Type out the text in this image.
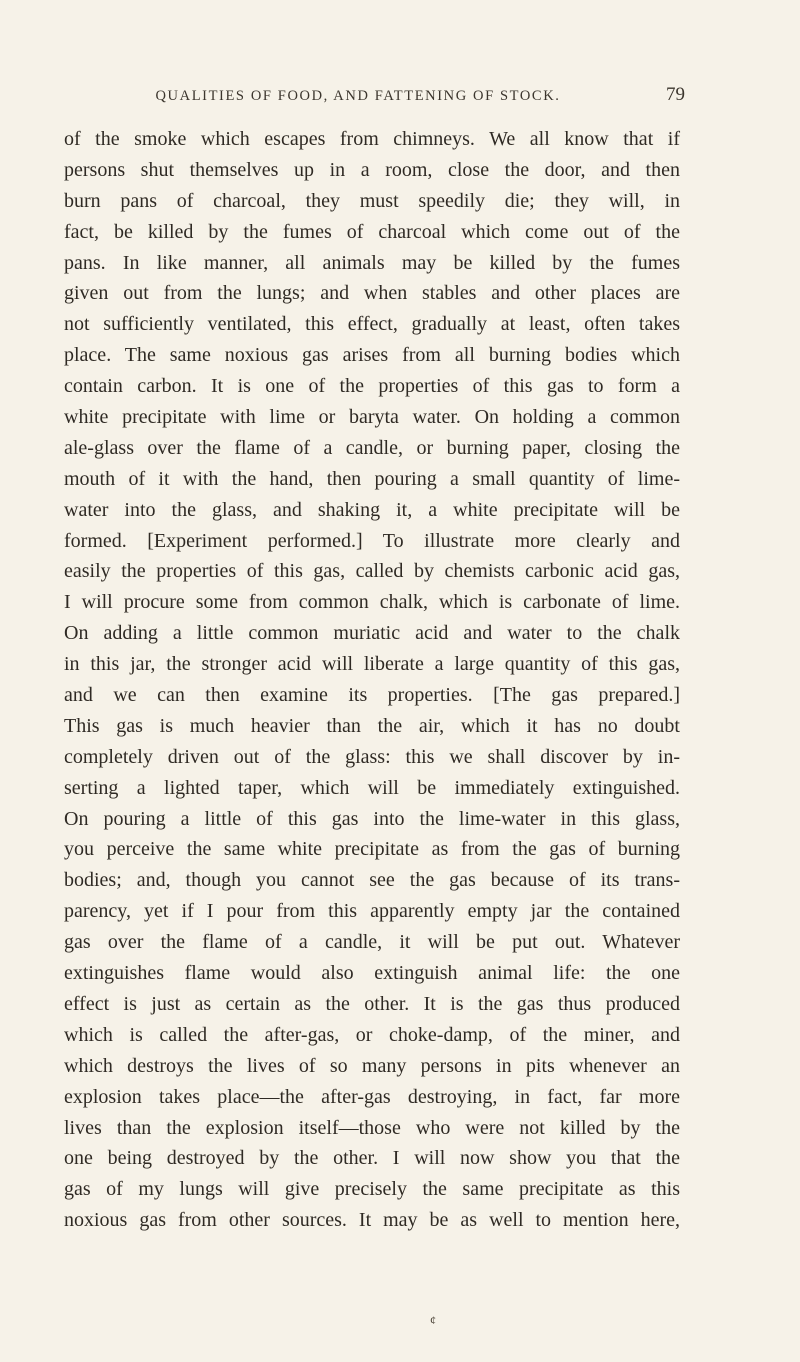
QUALITIES OF FOOD, AND FATTENING OF STOCK.	79
of the smoke which escapes from chimneys. We all know that if
persons shut themselves up in a room, close the door, and then
burn pans of charcoal, they must speedily die; they will, in
fact, be killed by the fumes of charcoal which come out of the
pans. In like manner, all animals may be killed by the fumes
given out from the lungs; and when stables and other places are
not sufficiently ventilated, this effect, gradually at least, often takes
place. The same noxious gas arises from all burning bodies which
contain carbon. It is one of the properties of this gas to form a
white precipitate with lime or baryta water. On holding a common
ale-glass over the flame of a candle, or burning paper, closing the
mouth of it with the hand, then pouring a small quantity of lime-
water into the glass, and shaking it, a white precipitate will be
formed. [Experiment performed.] To illustrate more clearly and
easily the properties of this gas, called by chemists carbonic acid gas,
I will procure some from common chalk, which is carbonate of lime.
On adding a little common muriatic acid and water to the chalk
in this jar, the stronger acid will liberate a large quantity of this gas,
and we can then examine its properties. [The gas prepared.]
This gas is much heavier than the air, which it has no doubt
completely driven out of the glass: this we shall discover by in-
serting a lighted taper, which will be immediately extinguished.
On pouring a little of this gas into the lime-water in this glass,
you perceive the same white precipitate as from the gas of burning
bodies; and, though you cannot see the gas because of its trans-
parency, yet if I pour from this apparently empty jar the contained
gas over the flame of a candle, it will be put out. Whatever
extinguishes flame would also extinguish animal life: the one
effect is just as certain as the other. It is the gas thus produced
which is called the after-gas, or choke-damp, of the miner, and
which destroys the lives of so many persons in pits whenever an
explosion takes place—the after-gas destroying, in fact, far more
lives than the explosion itself—those who were not killed by the
one being destroyed by the other. I will now show you that the
gas of my lungs will give precisely the same precipitate as this
noxious gas from other sources. It may be as well to mention here,
¢
